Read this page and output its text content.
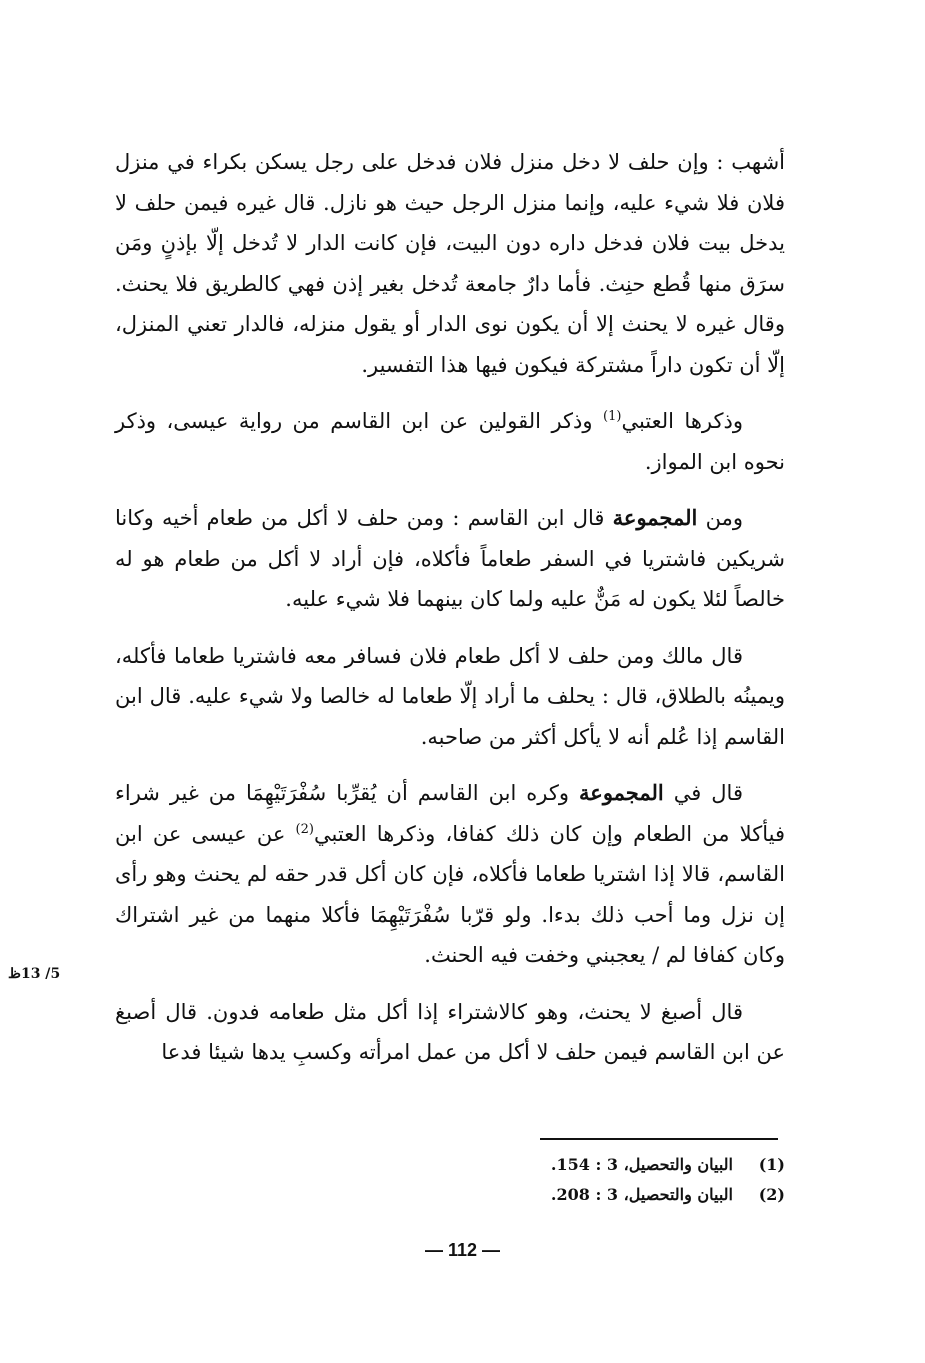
أشهب : وإن حلف لا دخل منزل فلان فدخل على رجل يسكن بكراء في منزل فلان فلا شيء عليه، وإنما منزل الرجل حيث هو نازل. قال غيره فيمن حلف لا يدخل بيت فلان فدخل داره دون البيت، فإن كانت الدار لا تُدخل إلّا بإذنٍ ومَن سرَق منها قُطع حنِث. فأما دارٌ جامعة تُدخل بغير إذن فهي كالطريق فلا يحنث. وقال غيره لا يحنث إلا أن يكون نوى الدار أو يقول منزله، فالدار تعني المنزل، إلّا أن تكون داراً مشتركة فيكون فيها هذا التفسير.

وذكرها العتبي$^{(1)}$ وذكر القولين عن ابن القاسم من رواية عيسى، وذكر نحوه ابن المواز.

ومن المجموعة قال ابن القاسم : ومن حلف لا أكل من طعام أخيه وكانا شريكين فاشتريا في السفر طعاماً فأكلاه، فإن أراد لا أكل من طعام هو له خالصاً لئلا يكون له مَنٌّ عليه ولما كان بينهما فلا شيء عليه.

قال مالك ومن حلف لا أكل طعام فلان فسافر معه فاشتريا طعاما فأكله، ويمينُه بالطلاق، قال : يحلف ما أراد إلّا طعاما له خالصا ولا شيء عليه. قال ابن القاسم إذا عُلم أنه لا يأكل أكثر من صاحبه.

قال في المجموعة وكره ابن القاسم أن يُقرِّبا سُفْرَتَيْهِمَا من غير شراء فيأكلا من الطعام وإن كان ذلك كفافا، وذكرها العتبي$^{(2)}$ عن عيسى عن ابن القاسم، قالا إذا اشتريا طعاما فأكلاه، فإن كان أكل قدر حقه لم يحنث وهو رأى إن نزل وما أحب ذلك بدءا. ولو قرّبا سُفْرَتَيْهِمَا فأكلا منهما من غير اشتراك وكان كفافا لم / يعجبني وخفت فيه الحنث.

قال أصبغ لا يحنث، وهو كالاشتراء إذا أكل مثل طعامه فدون. قال أصبغ عن ابن القاسم فيمن حلف لا أكل من عمل امرأته وكسبِ يدها شيئا فدعا

5/ 13ظ
(1)
البيان والتحصيل، 3 : 154.
(2)
البيان والتحصيل، 3 : 208.
— 112 —
